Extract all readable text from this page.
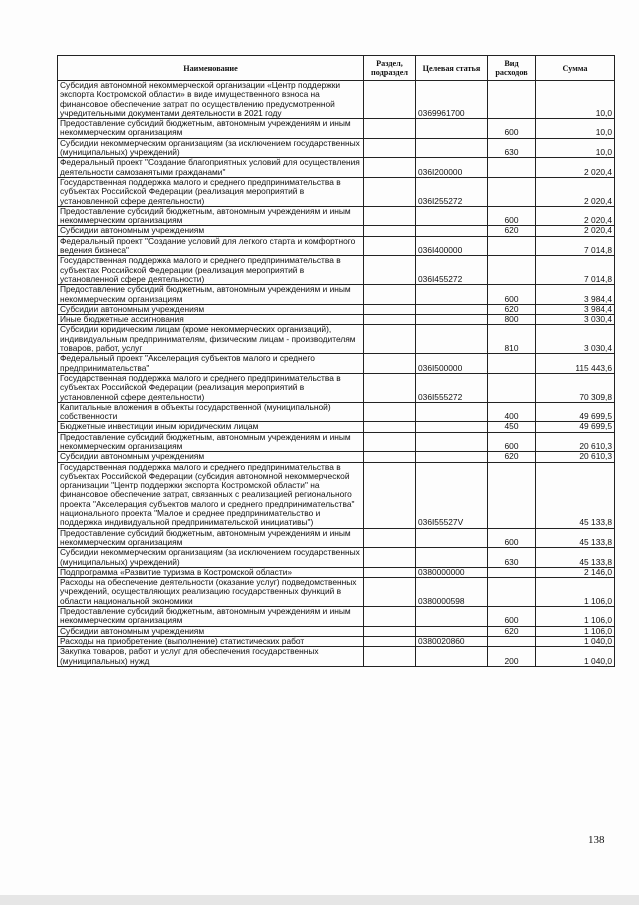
Наименование	Раздел, подраздел	Целевая статья	Вид расходов	Сумма
Субсидия автономной некоммерческой организации «Центр поддержки экспорта Костромской области» в виде имущественного взноса на финансовое обеспечение затрат по осуществлению предусмотренной учредительными документами деятельности в 2021 году		0369961700		10,0
Предоставление субсидий бюджетным, автономным учреждениям и иным некоммерческим организациям			600	10,0
Субсидии некоммерческим организациям (за исключением государственных (муниципальных) учреждений)			630	10,0
Федеральный проект "Создание благоприятных условий для осуществления деятельности самозанятыми гражданами"		036I200000		2 020,4
Государственная поддержка малого и среднего предпринимательства в субъектах Российской Федерации (реализация мероприятий в установленной сфере деятельности)		036I255272		2 020,4
Предоставление субсидий бюджетным, автономным учреждениям и иным некоммерческим организациям			600	2 020,4
Субсидии автономным учреждениям			620	2 020,4
Федеральный проект "Создание условий для легкого старта и комфортного ведения бизнеса"		036I400000		7 014,8
Государственная поддержка малого и среднего предпринимательства в субъектах Российской Федерации (реализация мероприятий в установленной сфере деятельности)		036I455272		7 014,8
Предоставление субсидий бюджетным, автономным учреждениям и иным некоммерческим организациям			600	3 984,4
Субсидии автономным учреждениям			620	3 984,4
Иные бюджетные ассигнования			800	3 030,4
Субсидии юридическим лицам (кроме некоммерческих организаций), индивидуальным предпринимателям, физическим лицам - производителям товаров, работ, услуг			810	3 030,4
Федеральный проект "Акселерация субъектов малого и среднего предпринимательства"		036I500000		115 443,6
Государственная поддержка малого и среднего предпринимательства в субъектах Российской Федерации (реализация мероприятий в установленной сфере деятельности)		036I555272		70 309,8
Капитальные вложения в объекты государственной (муниципальной) собственности			400	49 699,5
Бюджетные инвестиции иным юридическим лицам			450	49 699,5
Предоставление субсидий бюджетным, автономным учреждениям и иным некоммерческим организациям			600	20 610,3
Субсидии автономным учреждениям			620	20 610,3
Государственная поддержка малого и среднего предпринимательства в субъектах Российской Федерации (субсидия автономной некоммерческой организации "Центр поддержки экспорта Костромской области" на финансовое обеспечение затрат, связанных с реализацией регионального проекта "Акселерация субъектов малого и среднего предпринимательства" национального проекта "Малое и среднее предпринимательство и поддержка индивидуальной предпринимательской инициативы")		036I55527V		45 133,8
Предоставление субсидий бюджетным, автономным учреждениям и иным некоммерческим организациям			600	45 133,8
Субсидии некоммерческим организациям (за исключением государственных (муниципальных) учреждений)			630	45 133,8
Подпрограмма «Развитие туризма в Костромской области»		0380000000		2 146,0
Расходы на обеспечение деятельности (оказание услуг) подведомственных учреждений, осуществляющих реализацию государственных функций в области национальной экономики		0380000598		1 106,0
Предоставление субсидий бюджетным, автономным учреждениям и иным некоммерческим организациям			600	1 106,0
Субсидии автономным учреждениям			620	1 106,0
Расходы на приобретение (выполнение) статистических работ		0380020860		1 040,0
Закупка товаров, работ и услуг для обеспечения государственных (муниципальных) нужд			200	1 040,0
138
